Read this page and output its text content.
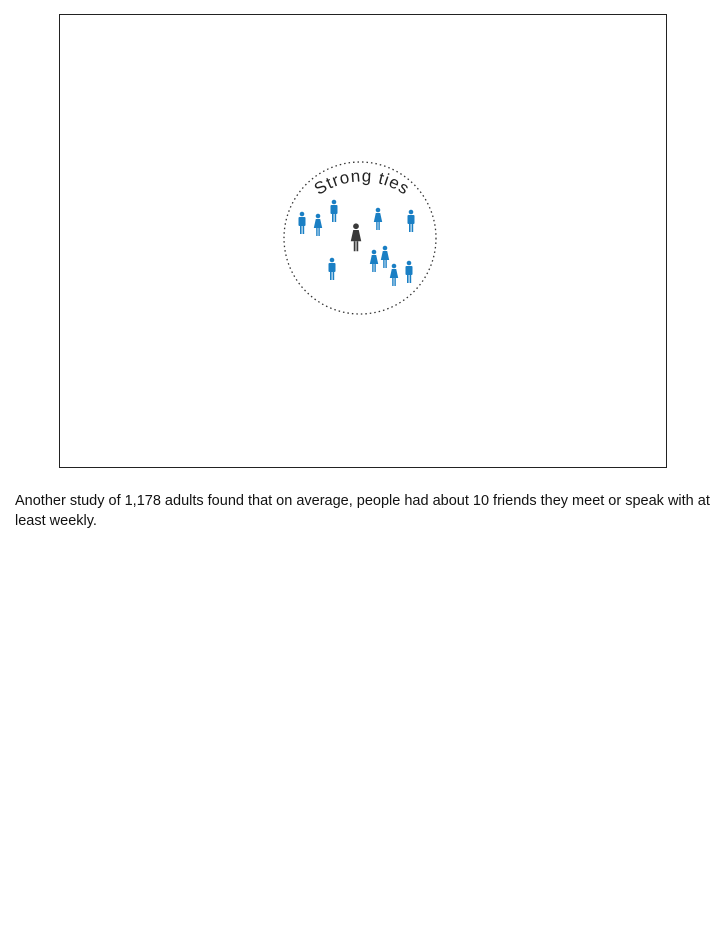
Strong ties

Another study of 1,178 adults found that on average, people had about 10 friends they meet or speak with at least weekly.
